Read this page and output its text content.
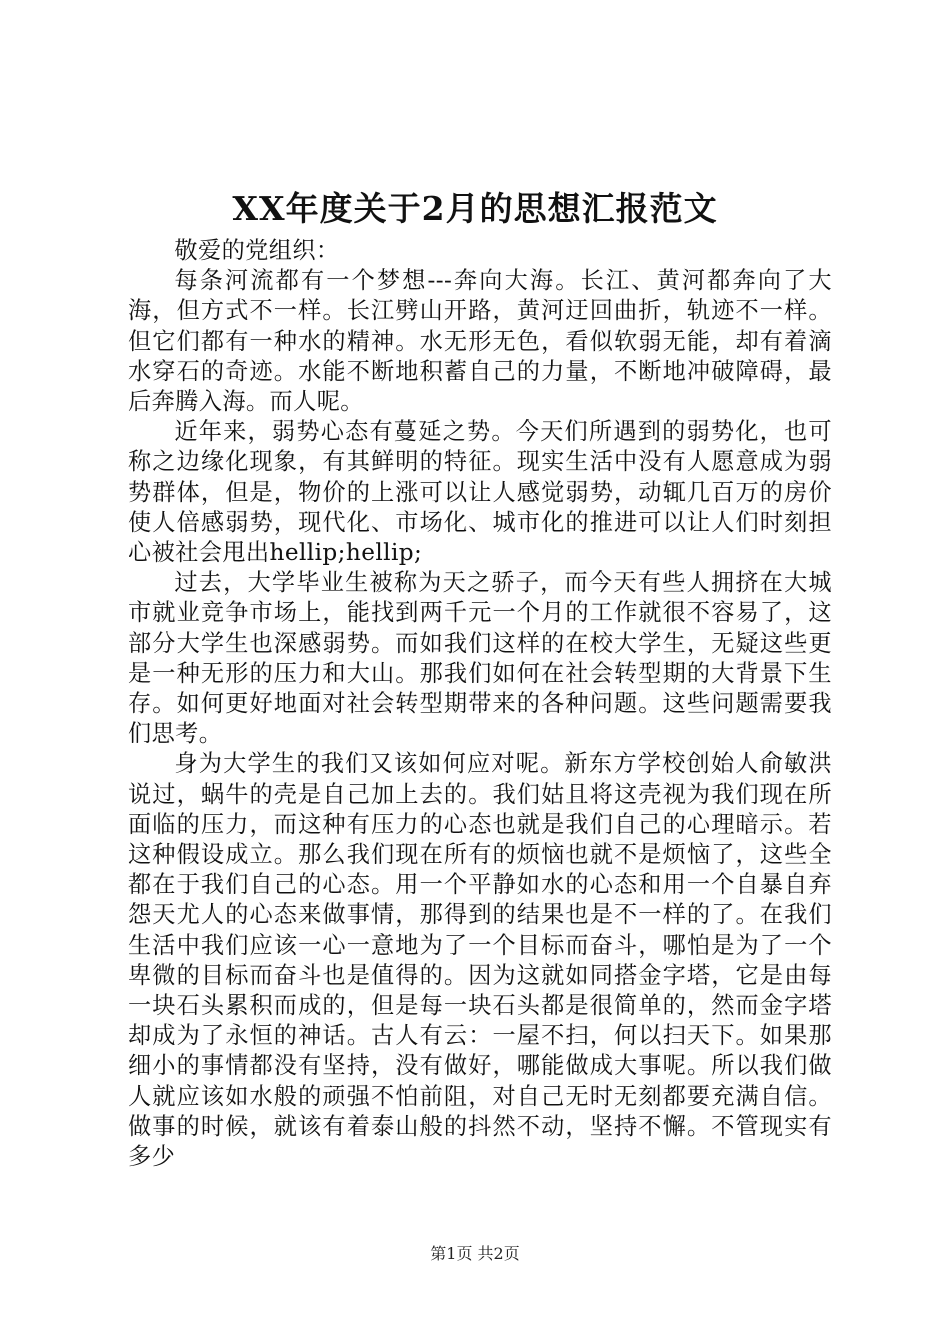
XX年度关于2月的思想汇报范文

敬爱的党组织：

每条河流都有一个梦想---奔向大海。长江、黄河都奔向了大海，但方式不一样。长江劈山开路，黄河迂回曲折，轨迹不一样。但它们都有一种水的精神。水无形无色，看似软弱无能，却有着滴水穿石的奇迹。水能不断地积蓄自己的力量，不断地冲破障碍，最后奔腾入海。而人呢。

近年来，弱势心态有蔓延之势。今天们所遇到的弱势化，也可称之边缘化现象，有其鲜明的特征。现实生活中没有人愿意成为弱势群体，但是，物价的上涨可以让人感觉弱势，动辄几百万的房价使人倍感弱势，现代化、市场化、城市化的推进可以让人们时刻担心被社会甩出hellip;hellip;

过去，大学毕业生被称为天之骄子，而今天有些人拥挤在大城市就业竞争市场上，能找到两千元一个月的工作就很不容易了，这部分大学生也深感弱势。而如我们这样的在校大学生，无疑这些更是一种无形的压力和大山。那我们如何在社会转型期的大背景下生存。如何更好地面对社会转型期带来的各种问题。这些问题需要我们思考。

身为大学生的我们又该如何应对呢。新东方学校创始人俞敏洪说过，蜗牛的壳是自己加上去的。我们姑且将这壳视为我们现在所面临的压力，而这种有压力的心态也就是我们自己的心理暗示。若这种假设成立。那么我们现在所有的烦恼也就不是烦恼了，这些全都在于我们自己的心态。用一个平静如水的心态和用一个自暴自弃怨天尤人的心态来做事情，那得到的结果也是不一样的了。在我们生活中我们应该一心一意地为了一个目标而奋斗，哪怕是为了一个卑微的目标而奋斗也是值得的。因为这就如同搭金字塔，它是由每一块石头累积而成的，但是每一块石头都是很简单的，然而金字塔却成为了永恒的神话。古人有云：一屋不扫，何以扫天下。如果那细小的事情都没有坚持，没有做好，哪能做成大事呢。所以我们做人就应该如水般的顽强不怕前阻，对自己无时无刻都要充满自信。做事的时候，就该有着泰山般的抖然不动，坚持不懈。不管现实有多少

第1页 共2页
